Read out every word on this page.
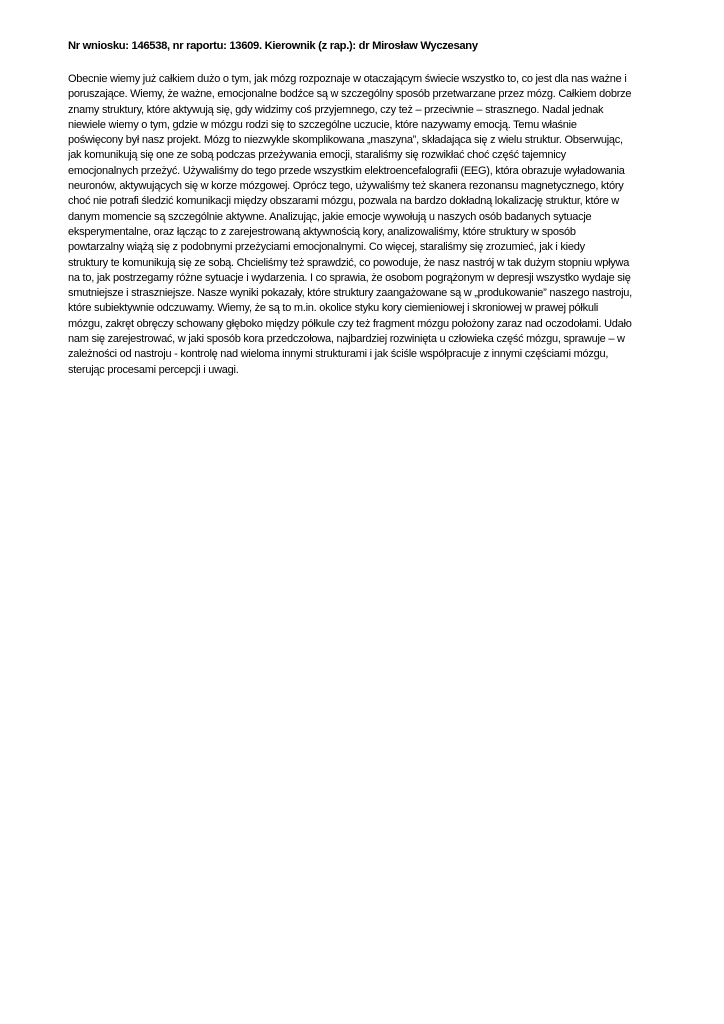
Nr wniosku: 146538, nr raportu: 13609. Kierownik (z rap.): dr Mirosław Wyczesany
Obecnie wiemy już całkiem dużo o tym, jak mózg rozpoznaje w otaczającym świecie wszystko to, co jest dla nas ważne i
poruszające. Wiemy, że ważne, emocjonalne bodźce są w szczególny sposób przetwarzane przez mózg. Całkiem dobrze
znamy struktury, które aktywują się, gdy widzimy coś przyjemnego, czy też – przeciwnie – strasznego. Nadal jednak
niewiele wiemy o tym, gdzie w mózgu rodzi się to szczególne uczucie, które nazywamy emocją. Temu właśnie
poświęcony był nasz projekt. Mózg to niezwykle skomplikowana „maszyna”, składająca się z wielu struktur. Obserwując,
jak komunikują się one ze sobą podczas przeżywania emocji, staraliśmy się rozwikłać choć część tajemnicy
emocjonalnych przeżyć. Używaliśmy do tego przede wszystkim elektroencefalografii (EEG), która obrazuje wyładowania
neuronów, aktywujących się w korze mózgowej. Oprócz tego, używaliśmy też skanera rezonansu magnetycznego, który
choć nie potrafi śledzić komunikacji między obszarami mózgu, pozwala na bardzo dokładną lokalizację struktur, które w
danym momencie są szczególnie aktywne. Analizując, jakie emocje wywołują u naszych osób badanych sytuacje
eksperymentalne, oraz łącząc to z zarejestrowaną aktywnością kory, analizowaliśmy, które struktury w sposób
powtarzalny wiążą się z podobnymi przeżyciami emocjonalnymi. Co więcej, staraliśmy się zrozumieć, jak i kiedy
struktury te komunikują się ze sobą. Chcieliśmy też sprawdzić, co powoduje, że nasz nastrój w tak dużym stopniu wpływa
na to, jak postrzegamy różne sytuacje i wydarzenia. I co sprawia, że osobom pogrążonym w depresji wszystko wydaje się
smutniejsze i straszniejsze. Nasze wyniki pokazały, które struktury zaangażowane są w „produkowanie” naszego nastroju,
które subiektywnie odczuwamy. Wiemy, że są to m.in. okolice styku kory ciemieniowej i skroniowej w prawej półkuli
mózgu, zakręt obręczy schowany głęboko między półkule czy też fragment mózgu położony zaraz nad oczodołami. Udało
nam się zarejestrować, w jaki sposób kora przedczołowa, najbardziej rozwinięta u człowieka część mózgu, sprawuje – w
zależności od nastroju - kontrolę nad wieloma innymi strukturami i jak ściśle współpracuje z innymi częściami mózgu,
sterując procesami percepcji i uwagi.
